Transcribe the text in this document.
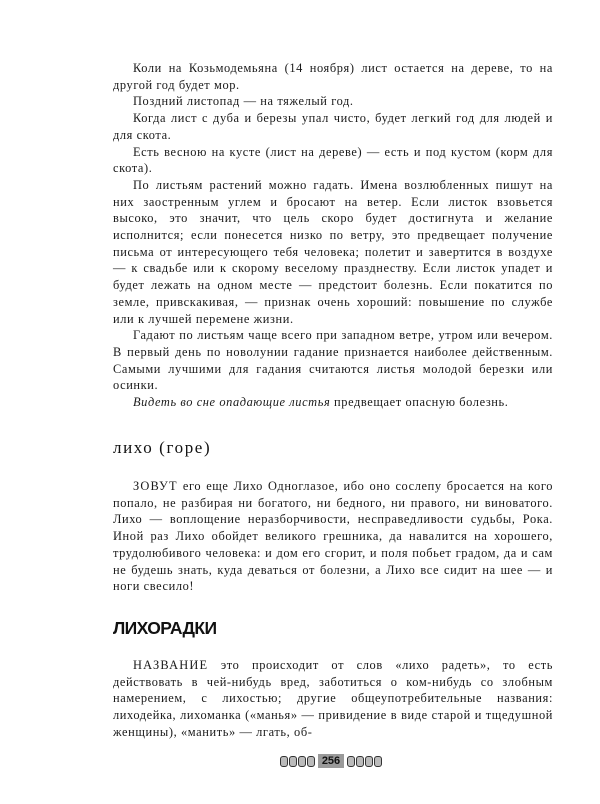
Коли на Козьмодемьяна (14 ноября) лист остается на дереве, то на другой год будет мор.

Поздний листопад — на тяжелый год.

Когда лист с дуба и березы упал чисто, будет легкий год для людей и для скота.

Есть весною на кусте (лист на дереве) — есть и под кустом (корм для скота).

По листьям растений можно гадать. Имена возлюбленных пишут на них заостренным углем и бросают на ветер. Если листок взовьется высоко, это значит, что цель скоро будет достигнута и желание исполнится; если понесется низко по ветру, это предвещает получение письма от интересующего тебя человека; полетит и завертится в воздухе — к свадьбе или к скорому веселому празднеству. Если листок упадет и будет лежать на одном месте — предстоит болезнь. Если покатится по земле, привскакивая, — признак очень хороший: повышение по службе или к лучшей перемене жизни.

Гадают по листьям чаще всего при западном ветре, утром или вечером. В первый день по новолунии гадание признается наиболее действенным. Самыми лучшими для гадания считаются листья молодой березки или осинки.

Видеть во сне опадающие листья предвещает опасную болезнь.

лихо (горе)

ЗОВУТ его еще Лихо Одноглазое, ибо оно сослепу бросается на кого попало, не разбирая ни богатого, ни бедного, ни правого, ни виноватого. Лихо — воплощение неразборчивости, несправедливости судьбы, Рока. Иной раз Лихо обойдет великого грешника, да навалится на хорошего, трудолюбивого человека: и дом его сгорит, и поля побьет градом, да и сам не будешь знать, куда деваться от болезни, а Лихо все сидит на шее — и ноги свесило!

ЛИХОРАДКИ

НАЗВАНИЕ это происходит от слов «лихо радеть», то есть действовать в чей-нибудь вред, заботиться о ком-нибудь со злобным намерением, с лихостью; другие общеупотребительные названия: лиходейка, лихоманка («манья» — привидение в виде старой и тщедушной женщины), «манить» — лгать, об-

256
